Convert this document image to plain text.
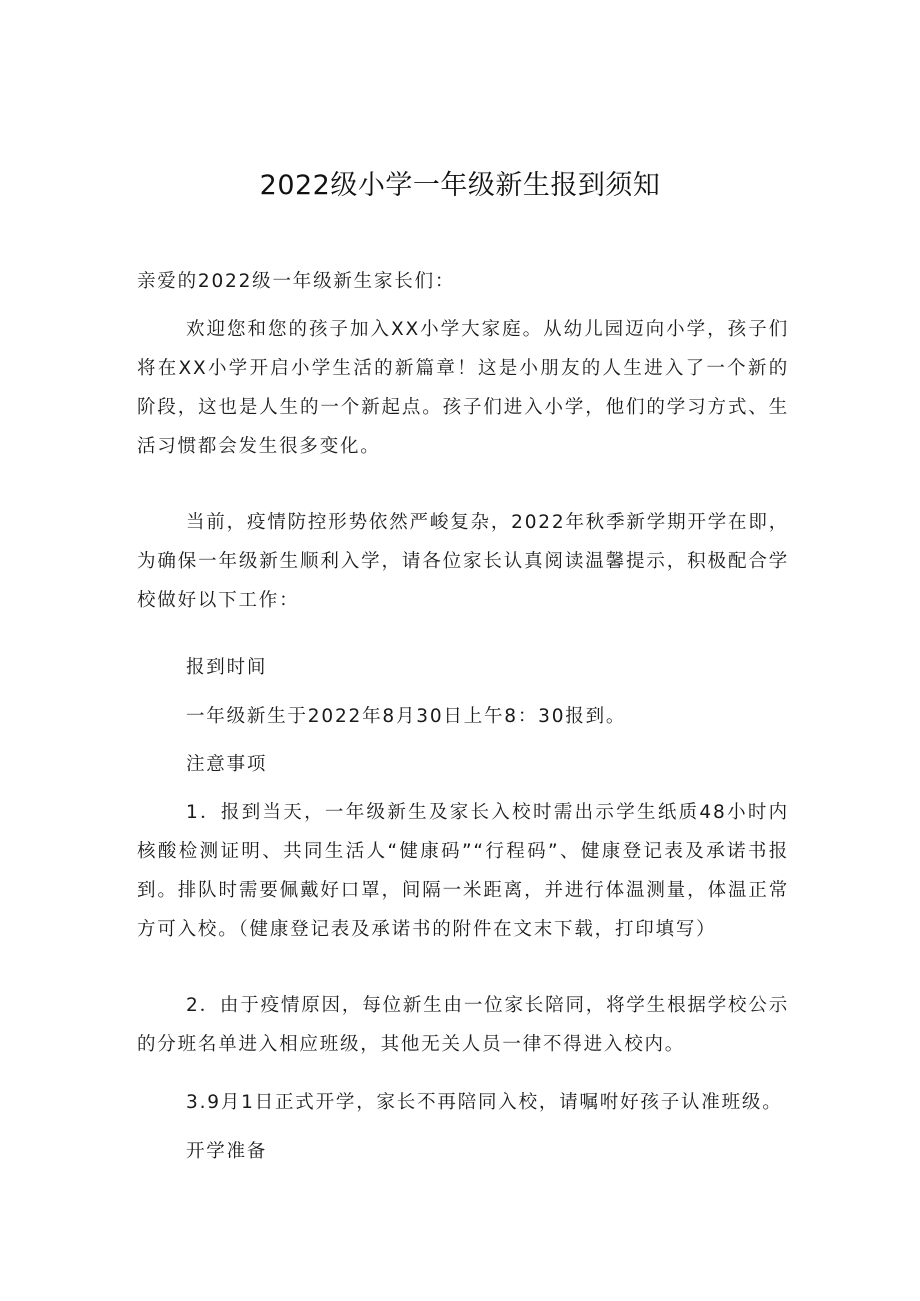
2022级小学一年级新生报到须知

亲爱的2022级一年级新生家长们：

欢迎您和您的孩子加入XX小学大家庭。从幼儿园迈向小学，孩子们将在XX小学开启小学生活的新篇章！这是小朋友的人生进入了一个新的阶段，这也是人生的一个新起点。孩子们进入小学，他们的学习方式、生活习惯都会发生很多变化。

当前，疫情防控形势依然严峻复杂，2022年秋季新学期开学在即，为确保一年级新生顺利入学，请各位家长认真阅读温馨提示，积极配合学校做好以下工作：

报到时间

一年级新生于2022年8月30日上午8：30报到。

注意事项

1．报到当天，一年级新生及家长入校时需出示学生纸质48小时内核酸检测证明、共同生活人“健康码”“行程码”、健康登记表及承诺书报到。排队时需要佩戴好口罩，间隔一米距离，并进行体温测量，体温正常方可入校。（健康登记表及承诺书的附件在文末下载，打印填写）

2．由于疫情原因，每位新生由一位家长陪同，将学生根据学校公示的分班名单进入相应班级，其他无关人员一律不得进入校内。

3.9月1日正式开学，家长不再陪同入校，请嘱咐好孩子认准班级。

开学准备
